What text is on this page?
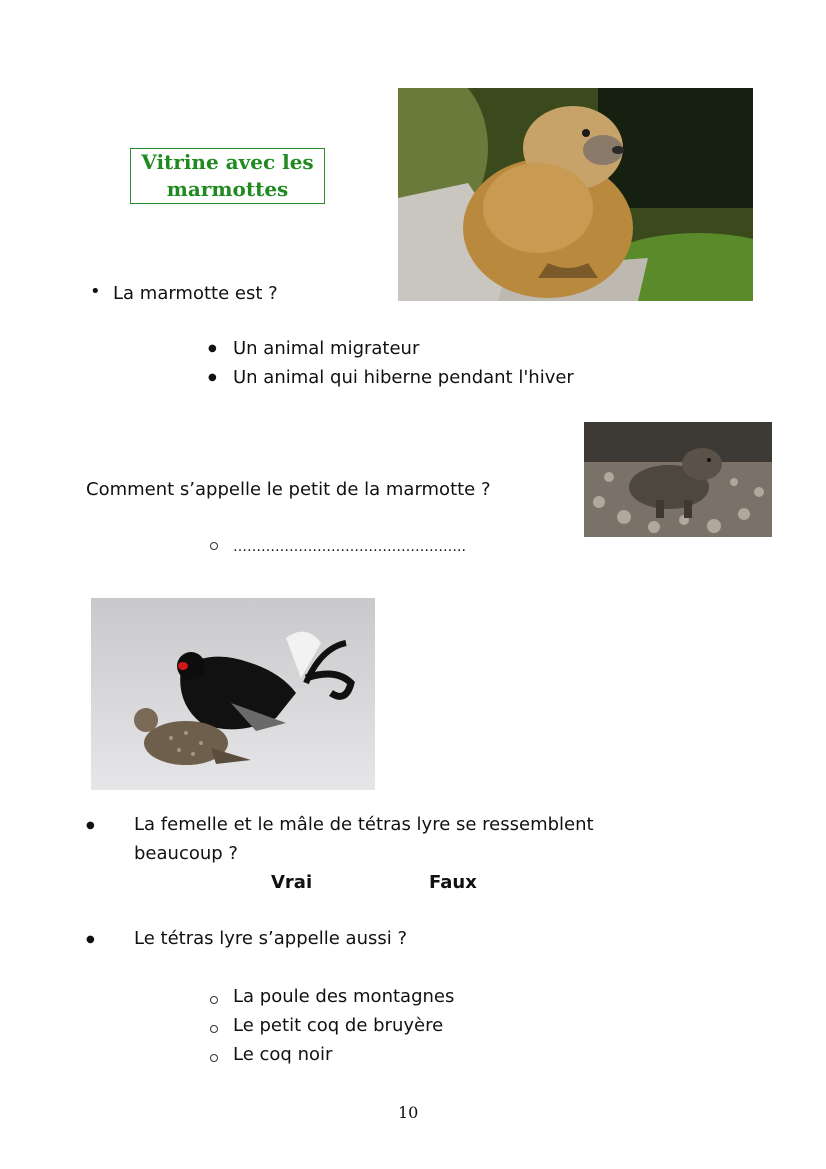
Vitrine avec les marmottes
• La marmotte est ?
● Un animal migrateur
● Un animal qui hiberne pendant l'hiver
Comment s’appelle le petit de la marmotte ?
…………………………………………..
● La femelle et le mâle de tétras lyre se ressemblent
beaucoup ?
Vrai	Faux
● Le tétras lyre s’appelle aussi ?
La poule des montagnes
Le petit coq de bruyère
Le coq noir
10
